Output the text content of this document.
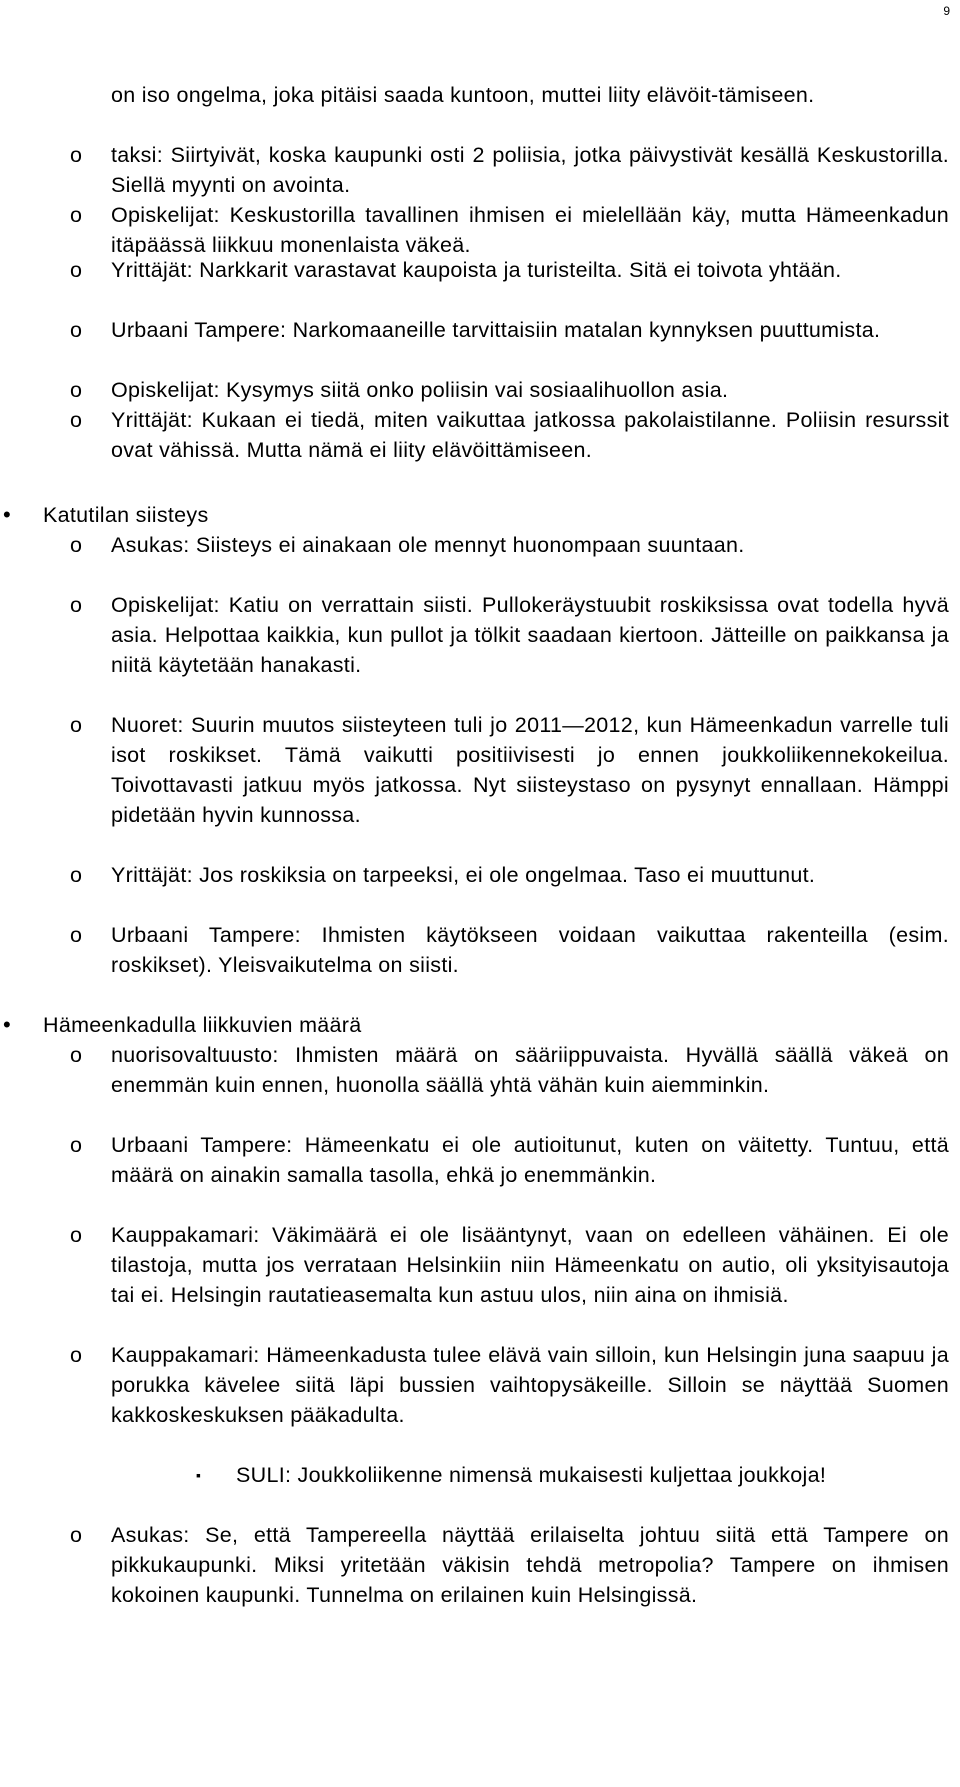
9
on iso ongelma, joka pitäisi saada kuntoon, muttei liity elävöit-tämiseen.
o taksi: Siirtyivät, koska kaupunki osti 2 poliisia, jotka päivystivät kesällä Keskustorilla. Siellä myynti on avointa.
o Opiskelijat: Keskustorilla tavallinen ihmisen ei mielellään käy, mutta Hämeenkadun itäpäässä liikkuu monenlaista väkeä.
o Yrittäjät: Narkkarit varastavat kaupoista ja turisteilta. Sitä ei toivota yhtään.
o Urbaani Tampere: Narkomaaneille tarvittaisiin matalan kynnyksen puuttumista.
o Opiskelijat: Kysymys siitä onko poliisin vai sosiaalihuollon asia.
o Yrittäjät: Kukaan ei tiedä, miten vaikuttaa jatkossa pakolaistilanne. Poliisin resurssit ovat vähissä. Mutta nämä ei liity elävöittämiseen.
• Katutilan siisteys
o Asukas: Siisteys ei ainakaan ole mennyt huonompaan suuntaan.
o Opiskelijat: Katiu on verrattain siisti. Pullokeräystuubit roskiksissa ovat todella hyvä asia. Helpottaa kaikkia, kun pullot ja tölkit saadaan kiertoon. Jätteille on paikkansa ja niitä käytetään hanakasti.
o Nuoret: Suurin muutos siisteyteen tuli jo 2011—2012, kun Hämeenkadun varrelle tuli isot roskikset. Tämä vaikutti positiivisesti jo ennen joukkoliikennekokeilua. Toivottavasti jatkuu myös jatkossa. Nyt siisteystaso on pysynyt ennallaan. Hämppi pidetään hyvin kunnossa.
o Yrittäjät: Jos roskiksia on tarpeeksi, ei ole ongelmaa. Taso ei muuttunut.
o Urbaani Tampere: Ihmisten käytökseen voidaan vaikuttaa rakenteilla (esim. roskikset). Yleisvaikutelma on siisti.
• Hämeenkadulla liikkuvien määrä
o nuorisovaltuusto: Ihmisten määrä on sääriippuvaista. Hyvällä säällä väkeä on enemmän kuin ennen, huonolla säällä yhtä vähän kuin aiemminkin.
o Urbaani Tampere: Hämeenkatu ei ole autioitunut, kuten on väitetty. Tuntuu, että määrä on ainakin samalla tasolla, ehkä jo enemmänkin.
o Kauppakamari: Väkimäärä ei ole lisääntynyt, vaan on edelleen vähäinen. Ei ole tilastoja, mutta jos verrataan Helsinkiin niin Hämeenkatu on autio, oli yksityisautoja tai ei. Helsingin rautatieasemalta kun astuu ulos, niin aina on ihmisiä.
o Kauppakamari: Hämeenkadusta tulee elävä vain silloin, kun Helsingin juna saapuu ja porukka kävelee siitä läpi bussien vaihtopysäkeille. Silloin se näyttää Suomen kakkoskeskuksen pääkadulta.
▪ SULI: Joukkoliikenne nimensä mukaisesti kuljettaa joukkoja!
o Asukas: Se, että Tampereella näyttää erilaiselta johtuu siitä että Tampere on pikkukaupunki. Miksi yritetään väkisin tehdä metropolia? Tampere on ihmisen kokoinen kaupunki. Tunnelma on erilainen kuin Helsingissä.
